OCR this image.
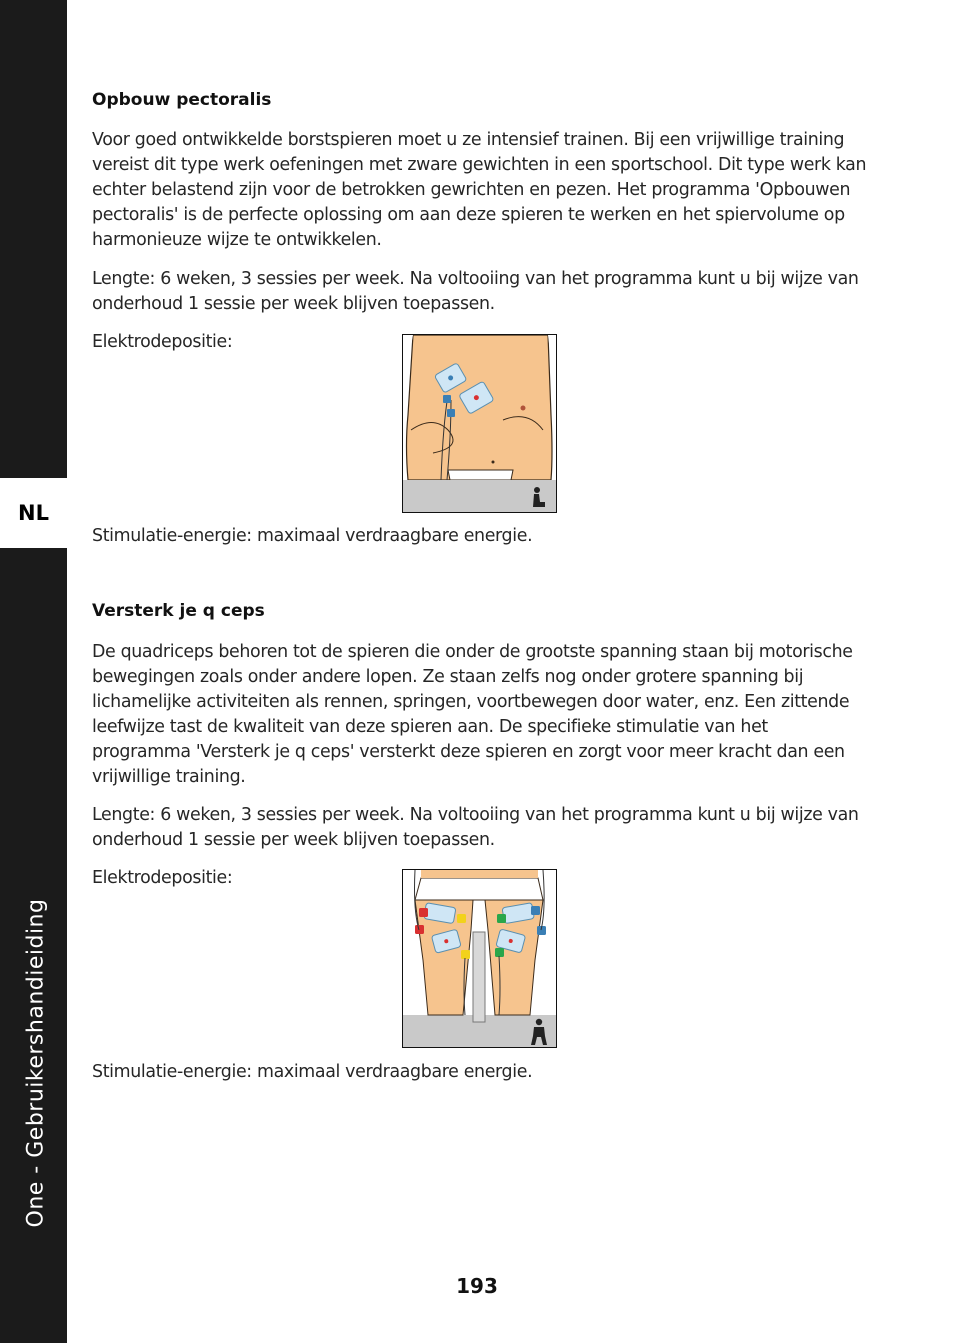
NL
One - Gebruikershandieiding
Opbouw pectoralis

Voor goed ontwikkelde borstspieren moet u ze intensief trainen. Bij een vrijwillige training vereist dit type werk oefeningen met zware gewichten in een sportschool. Dit type werk kan echter belastend zijn voor de betrokken gewrichten en pezen. Het programma 'Opbouwen pectoralis' is de perfecte oplossing om aan deze spieren te werken en het spiervolume op harmonieuze wijze te ontwikkelen.

Lengte: 6 weken, 3 sessies per week. Na voltooiing van het programma kunt u bij wijze van onderhoud 1 sessie per week blijven toepassen.

Elektrodepositie:

Stimulatie-energie: maximaal verdraagbare energie.

Versterk je q ceps

De quadriceps behoren tot de spieren die onder de grootste spanning staan bij motorische bewegingen zoals onder andere lopen. Ze staan zelfs nog onder grotere spanning bij lichamelijke activiteiten als rennen, springen, voortbewegen door water, enz. Een zittende leefwijze tast de kwaliteit van deze spieren aan. De specifieke stimulatie van het programma 'Versterk je q ceps' versterkt deze spieren en zorgt voor meer kracht dan een vrijwillige training.

Lengte: 6 weken, 3 sessies per week. Na voltooiing van het programma kunt u bij wijze van onderhoud 1 sessie per week blijven toepassen.

Elektrodepositie:

Stimulatie-energie: maximaal verdraagbare energie.

193
